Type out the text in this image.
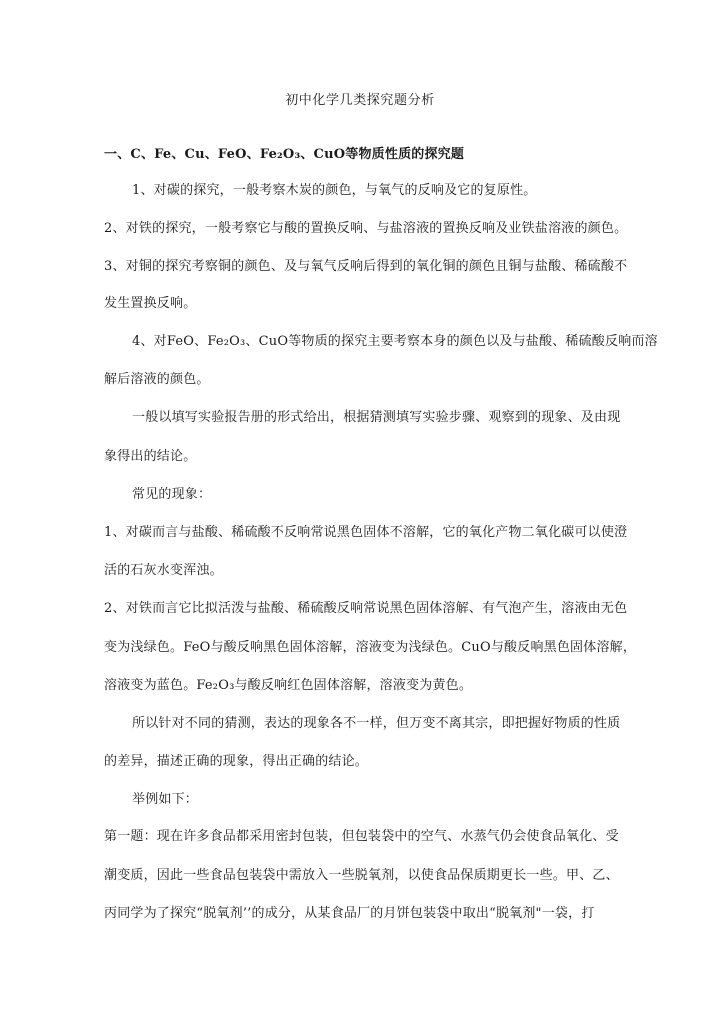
初中化学几类探究题分析
一、C、Fe、Cu、FeO、Fe₂O₃、CuO等物质性质的探究题
1、对碳的探究，一般考察木炭的颜色，与氧气的反响及它的复原性。
2、对铁的探究，一般考察它与酸的置换反响、与盐溶液的置换反响及业铁盐溶液的颜色。
3、对铜的探究考察铜的颜色、及与氧气反响后得到的氧化铜的颜色且铜与盐酸、稀硫酸不
发生置换反响。
4、对FeO、Fe₂O₃、CuO等物质的探究主要考察本身的颜色以及与盐酸、稀硫酸反响而溶
解后溶液的颜色。
一般以填写实验报告册的形式给出，根据猜测填写实验步骤、观察到的现象、及由现
象得出的结论。
常见的现象：
1、对碳而言与盐酸、稀硫酸不反响常说黑色固体不溶解，它的氧化产物二氧化碳可以使澄
活的石灰水变浑浊。
2、对铁而言它比拟活泼与盐酸、稀硫酸反响常说黑色固体溶解、有气泡产生，溶液由无色
变为浅绿色。FeO与酸反响黑色固体溶解，溶液变为浅绿色。CuO与酸反响黑色固体溶解，
溶液变为蓝色。Fe₂O₃与酸反响红色固体溶解，溶液变为黄色。
所以针对不同的猜测，表达的现象各不一样，但万变不离其宗，即把握好物质的性质
的差异，描述正确的现象，得出正确的结论。
举例如下：
第一题：现在许多食品都采用密封包装，但包装袋中的空气、水蒸气仍会使食品氧化、受
潮变质，因此一些食品包装袋中需放入一些脱氧剂，以使食品保质期更长一些。甲、乙、
丙同学为了探究“脱氧剂’’的成分，从某食品厂的月饼包装袋中取出“脱氧剂"一袋，打
